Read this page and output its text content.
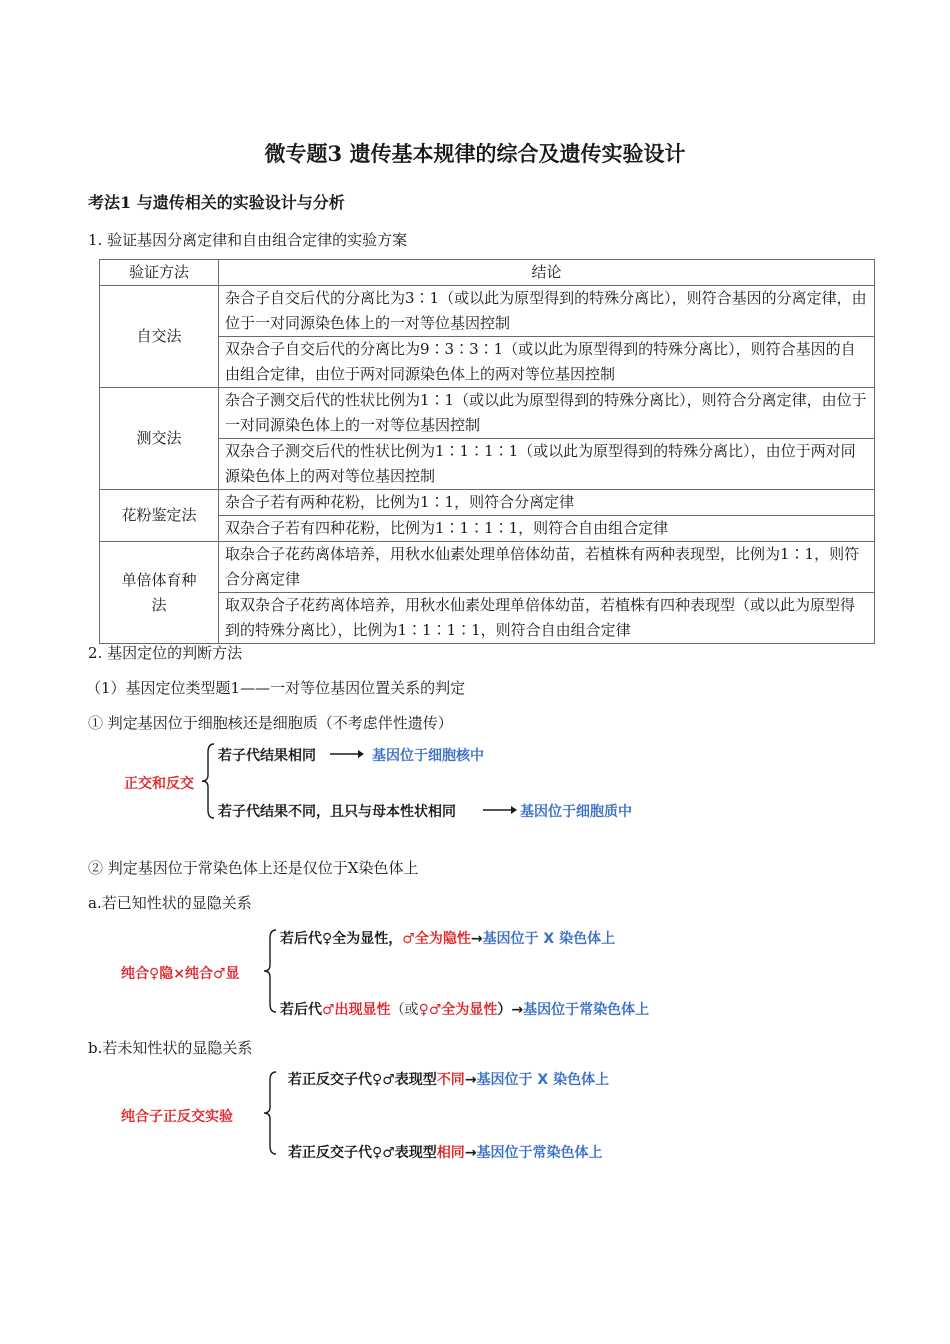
微专题3 遗传基本规律的综合及遗传实验设计
考法1 与遗传相关的实验设计与分析
1. 验证基因分离定律和自由组合定律的实验方案
验证方法	结论
自交法	杂合子自交后代的分离比为3∶1（或以此为原型得到的特殊分离比），则符合基因的分离定律，由位于一对同源染色体上的一对等位基因控制
	双杂合子自交后代的分离比为9∶3∶3∶1（或以此为原型得到的特殊分离比），则符合基因的自由组合定律，由位于两对同源染色体上的两对等位基因控制
测交法	杂合子测交后代的性状比例为1∶1（或以此为原型得到的特殊分离比），则符合分离定律，由位于一对同源染色体上的一对等位基因控制
	双杂合子测交后代的性状比例为1∶1∶1∶1（或以此为原型得到的特殊分离比），由位于两对同源染色体上的两对等位基因控制
花粉鉴定法	杂合子若有两种花粉，比例为1∶1，则符合分离定律
	双杂合子若有四种花粉，比例为1∶1∶1∶1，则符合自由组合定律
单倍体育种法	取杂合子花药离体培养，用秋水仙素处理单倍体幼苗，若植株有两种表现型，比例为1∶1，则符合分离定律
	取双杂合子花药离体培养，用秋水仙素处理单倍体幼苗，若植株有四种表现型（或以此为原型得到的特殊分离比），比例为1∶1∶1∶1，则符合自由组合定律
2. 基因定位的判断方法
（1）基因定位类型题1——一对等位基因位置关系的判定
① 判定基因位于细胞核还是细胞质（不考虑伴性遗传）
正交和反交
若子代结果相同	基因位于细胞核中
若子代结果不同，且只与母本性状相同	基因位于细胞质中
② 判定基因位于常染色体上还是仅位于X染色体上
a.若已知性状的显隐关系
纯合♀隐×纯合♂显
若后代♀全为显性，♂全为隐性→基因位于 X 染色体上
若后代♂出现显性（或♀♂全为显性）→基因位于常染色体上
b.若未知性状的显隐关系
纯合子正反交实验
若正反交子代♀♂表现型不同→基因位于 X 染色体上
若正反交子代♀♂表现型相同→基因位于常染色体上
